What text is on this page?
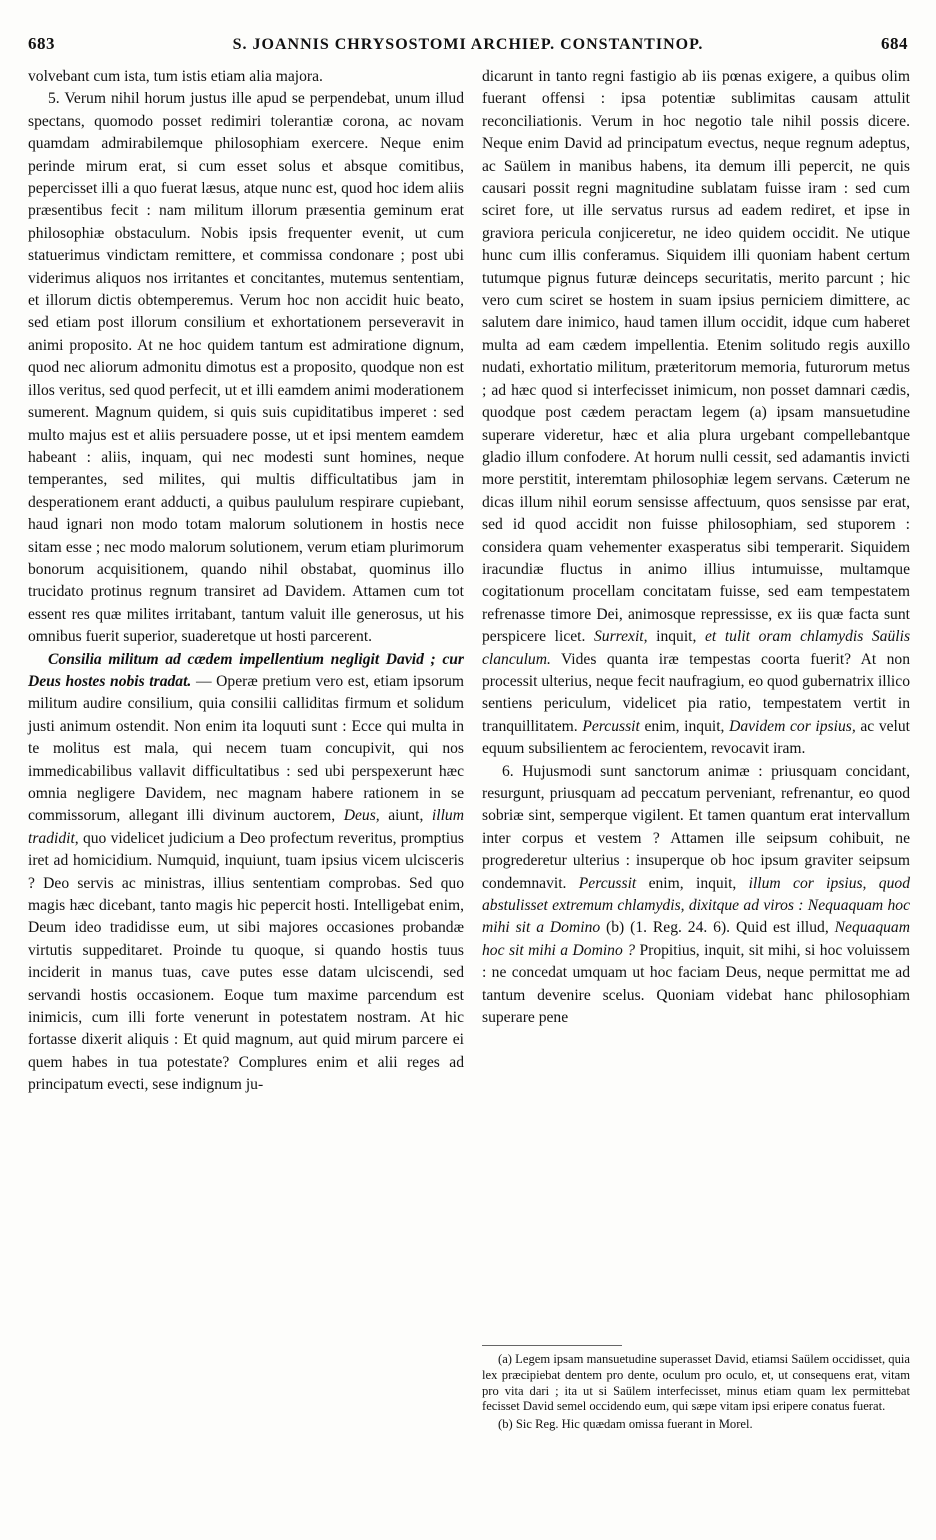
683	S. JOANNIS CHRYSOSTOMI ARCHIEP. CONSTANTINOP.	684

volvebant cum ista, tum istis etiam alia majora.

5. Verum nihil horum justus ille apud se perpendebat, unum illud spectans, quomodo posset redimiri tolerantiæ corona, ac novam quamdam admirabilemque philosophiam exercere. Neque enim perinde mirum erat, si cum esset solus et absque comitibus, pepercisset illi a quo fuerat læsus, atque nunc est, quod hoc idem aliis præsentibus fecit : nam militum illorum præsentia geminum erat philosophiæ obstaculum. Nobis ipsis frequenter evenit, ut cum statuerimus vindictam remittere, et commissa condonare ; post ubi viderimus aliquos nos irritantes et concitantes, mutemus sententiam, et illorum dictis obtemperemus. Verum hoc non accidit huic beato, sed etiam post illorum consilium et exhortationem perseveravit in animi proposito. At ne hoc quidem tantum est admiratione dignum, quod nec aliorum admonitu dimotus est a proposito, quodque non est illos veritus, sed quod perfecit, ut et illi eamdem animi moderationem sumerent. Magnum quidem, si quis suis cupiditatibus imperet : sed multo majus est et aliis persuadere posse, ut et ipsi mentem eamdem habeant : aliis, inquam, qui nec modesti sunt homines, neque temperantes, sed milites, qui multis difficultatibus jam in desperationem erant adducti, a quibus paululum respirare cupiebant, haud ignari non modo totam malorum solutionem in hostis nece sitam esse ; nec modo malorum solutionem, verum etiam plurimorum bonorum acquisitionem, quando nihil obstabat, quominus illo trucidato protinus regnum transiret ad Davidem. Attamen cum tot essent res quæ milites irritabant, tantum valuit ille generosus, ut his omnibus fuerit superior, suaderetque ut hosti parcerent.

Consilia militum ad cædem impellentium negligit David ; cur Deus hostes nobis tradat. — Operæ pretium vero est, etiam ipsorum militum audire consilium, quia consilii calliditas firmum et solidum justi animum ostendit. Non enim ita loquuti sunt : Ecce qui multa in te molitus est mala, qui necem tuam concupivit, qui nos immedicabilibus vallavit difficultatibus : sed ubi perspexerunt hæc omnia negligere Davidem, nec magnam habere rationem in se commissorum, allegant illi divinum auctorem, Deus, aiunt, illum tradidit, quo videlicet judicium a Deo profectum reveritus, promptius iret ad homicidium. Numquid, inquiunt, tuam ipsius vicem ulcisceris ? Deo servis ac ministras, illius sententiam comprobas. Sed quo magis hæc dicebant, tanto magis hic pepercit hosti. Intelligebat enim, Deum ideo tradidisse eum, ut sibi majores occasiones probandæ virtutis suppeditaret. Proinde tu quoque, si quando hostis tuus inciderit in manus tuas, cave putes esse datam ulciscendi, sed servandi hostis occasionem. Eoque tum maxime parcendum est inimicis, cum illi forte venerunt in potestatem nostram. At hic fortasse dixerit aliquis : Et quid magnum, aut quid mirum parcere ei quem habes in tua potestate? Complures enim et alii reges ad principatum evecti, sese indignum ju-

dicarunt in tanto regni fastigio ab iis pœnas exigere, a quibus olim fuerant offensi : ipsa potentiæ sublimitas causam attulit reconciliationis. Verum in hoc negotio tale nihil possis dicere. Neque enim David ad principatum evectus, neque regnum adeptus, ac Saülem in manibus habens, ita demum illi pepercit, ne quis causari possit regni magnitudine sublatam fuisse iram : sed cum sciret fore, ut ille servatus rursus ad eadem rediret, et ipse in graviora pericula conjiceretur, ne ideo quidem occidit. Ne utique hunc cum illis conferamus. Siquidem illi quoniam habent certum tutumque pignus futuræ deinceps securitatis, merito parcunt ; hic vero cum sciret se hostem in suam ipsius perniciem dimittere, ac salutem dare inimico, haud tamen illum occidit, idque cum haberet multa ad eam cædem impellentia. Etenim solitudo regis auxillo nudati, exhortatio militum, præteritorum memoria, futurorum metus ; ad hæc quod si interfecisset inimicum, non posset damnari cædis, quodque post cædem peractam legem (a) ipsam mansuetudine superare videretur, hæc et alia plura urgebant compellebantque gladio illum confodere. At horum nulli cessit, sed adamantis invicti more perstitit, interemtam philosophiæ legem servans. Cæterum ne dicas illum nihil eorum sensisse affectuum, quos sensisse par erat, sed id quod accidit non fuisse philosophiam, sed stuporem : considera quam vehementer exasperatus sibi temperarit. Siquidem iracundiæ fluctus in animo illius intumuisse, multamque cogitationum procellam concitatam fuisse, sed eam tempestatem refrenasse timore Dei, animosque repressisse, ex iis quæ facta sunt perspicere licet. Surrexit, inquit, et tulit oram chlamydis Saülis clanculum. Vides quanta iræ tempestas coorta fuerit? At non processit ulterius, neque fecit naufragium, eo quod gubernatrix illico sentiens periculum, videlicet pia ratio, tempestatem vertit in tranquillitatem. Percussit enim, inquit, Davidem cor ipsius, ac velut equum subsilientem ac ferocientem, revocavit iram.

6. Hujusmodi sunt sanctorum animæ : priusquam concidant, resurgunt, priusquam ad peccatum perveniant, refrenantur, eo quod sobriæ sint, semperque vigilent. Et tamen quantum erat intervallum inter corpus et vestem ? Attamen ille seipsum cohibuit, ne progrederetur ulterius : insuperque ob hoc ipsum graviter seipsum condemnavit. Percussit enim, inquit, illum cor ipsius, quod abstulisset extremum chlamydis, dixitque ad viros : Nequaquam hoc mihi sit a Domino (b) (1. Reg. 24. 6). Quid est illud, Nequaquam hoc sit mihi a Domino ? Propitius, inquit, sit mihi, si hoc voluissem : ne concedat umquam ut hoc faciam Deus, neque permittat me ad tantum devenire scelus. Quoniam videbat hanc philosophiam superare pene

(a) Legem ipsam mansuetudine superasset David, etiamsi Saülem occidisset, quia lex præcipiebat dentem pro dente, oculum pro oculo, et, ut consequens erat, vitam pro vita dari ; ita ut si Saülem interfecisset, minus etiam quam lex permittebat fecisset David semel occidendo eum, qui sæpe vitam ipsi eripere conatus fuerat.

(b) Sic Reg. Hic quædam omissa fuerant in Morel.
